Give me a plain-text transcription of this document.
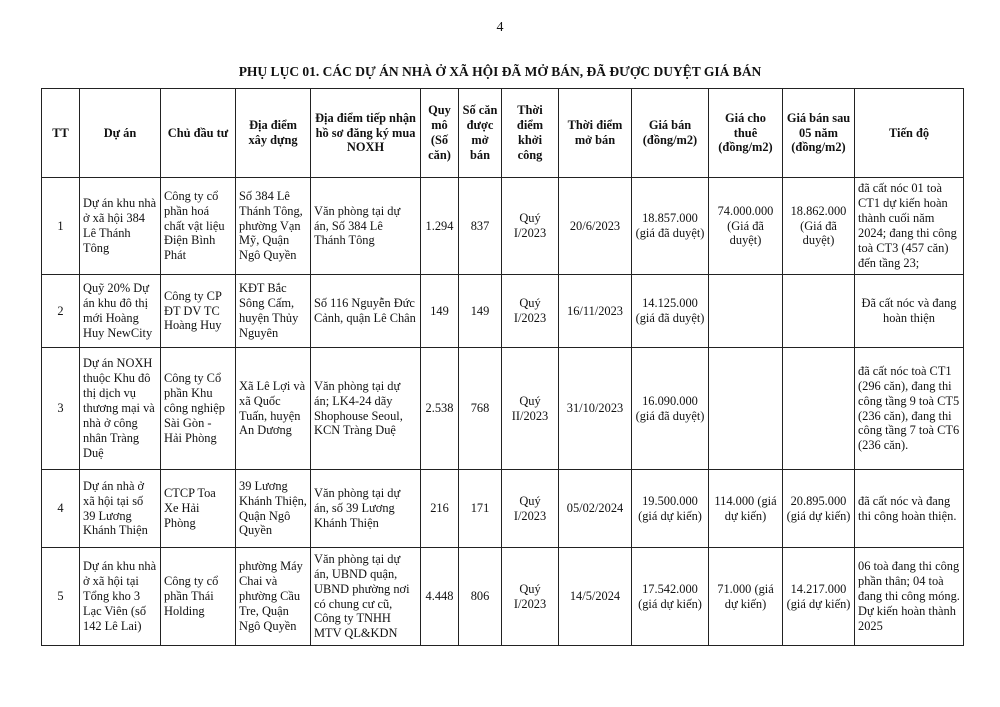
4
PHỤ LỤC 01. CÁC DỰ ÁN NHÀ Ở XÃ HỘI ĐÃ MỞ BÁN, ĐÃ ĐƯỢC DUYỆT GIÁ BÁN
TT	Dự án	Chủ đầu tư	Địa điểm xây dựng	Địa điểm tiếp nhận hồ sơ đăng ký mua NOXH	Quy mô (Số căn)	Số căn được mở bán	Thời điểm khởi công	Thời điểm mở bán	Giá bán (đồng/m2)	Giá cho thuê (đồng/m2)	Giá bán sau 05 năm (đồng/m2)	Tiến độ
1	Dự án khu nhà ở xã hội 384 Lê Thánh Tông	Công ty cổ phần hoá chất vật liệu Điện Bình Phát	Số 384 Lê Thánh Tông, phường Vạn Mỹ, Quận Ngô Quyền	Văn phòng tại dự án, Số 384 Lê Thánh Tông	1.294	837	Quý I/2023	20/6/2023	18.857.000 (giá đã duyệt)	74.000.000 (Giá đã duyệt)	18.862.000 (Giá đã duyệt)	đã cất nóc 01 toà CT1 dự kiến hoàn thành cuối năm 2024; đang thi công toà CT3 (457 căn) đến tầng 23;
2	Quỹ 20% Dự án khu đô thị mới Hoàng Huy NewCity	Công ty CP ĐT DV TC Hoàng Huy	KĐT Bắc Sông Cấm, huyện Thủy Nguyên	Số 116 Nguyễn Đức Cảnh, quận Lê Chân	149	149	Quý I/2023	16/11/2023	14.125.000 (giá đã duyệt)			Đã cất nóc và đang hoàn thiện
3	Dự án NOXH thuộc Khu đô thị dịch vụ thương mại và nhà ở công nhân Tràng Duệ	Công ty Cổ phần Khu công nghiệp Sài Gòn - Hải Phòng	Xã Lê Lợi và xã Quốc Tuấn, huyện An Dương	Văn phòng tại dự án; LK4-24 dãy Shophouse Seoul, KCN Tràng Duệ	2.538	768	Quý II/2023	31/10/2023	16.090.000 (giá đã duyệt)			đã cất nóc toà CT1 (296 căn), đang thi công tầng 9 toà CT5 (236 căn), đang thi công tầng 7 toà CT6 (236 căn).
4	Dự án nhà ở xã hội tại số 39 Lương Khánh Thiện	CTCP Toa Xe Hải Phòng	39 Lương Khánh Thiện, Quận Ngô Quyền	Văn phòng tại dự án, số 39 Lương Khánh Thiện	216	171	Quý I/2023	05/02/2024	19.500.000 (giá dự kiến)	114.000 (giá dự kiến)	20.895.000 (giá dự kiến)	đã cất nóc và đang thi công hoàn thiện.
5	Dự án khu nhà ở xã hội tại Tổng kho 3 Lạc Viên (số 142 Lê Lai)	Công ty cổ phần Thái Holding	phường Máy Chai và phường Cầu Tre, Quận Ngô Quyền	Văn phòng tại dự án, UBND quận, UBND phường nơi có chung cư cũ, Công ty TNHH MTV QL&KDN	4.448	806	Quý I/2023	14/5/2024	17.542.000 (giá dự kiến)	71.000 (giá dự kiến)	14.217.000 (giá dự kiến)	06 toà đang thi công phần thân; 04 toà đang thi công móng. Dự kiến hoàn thành 2025
